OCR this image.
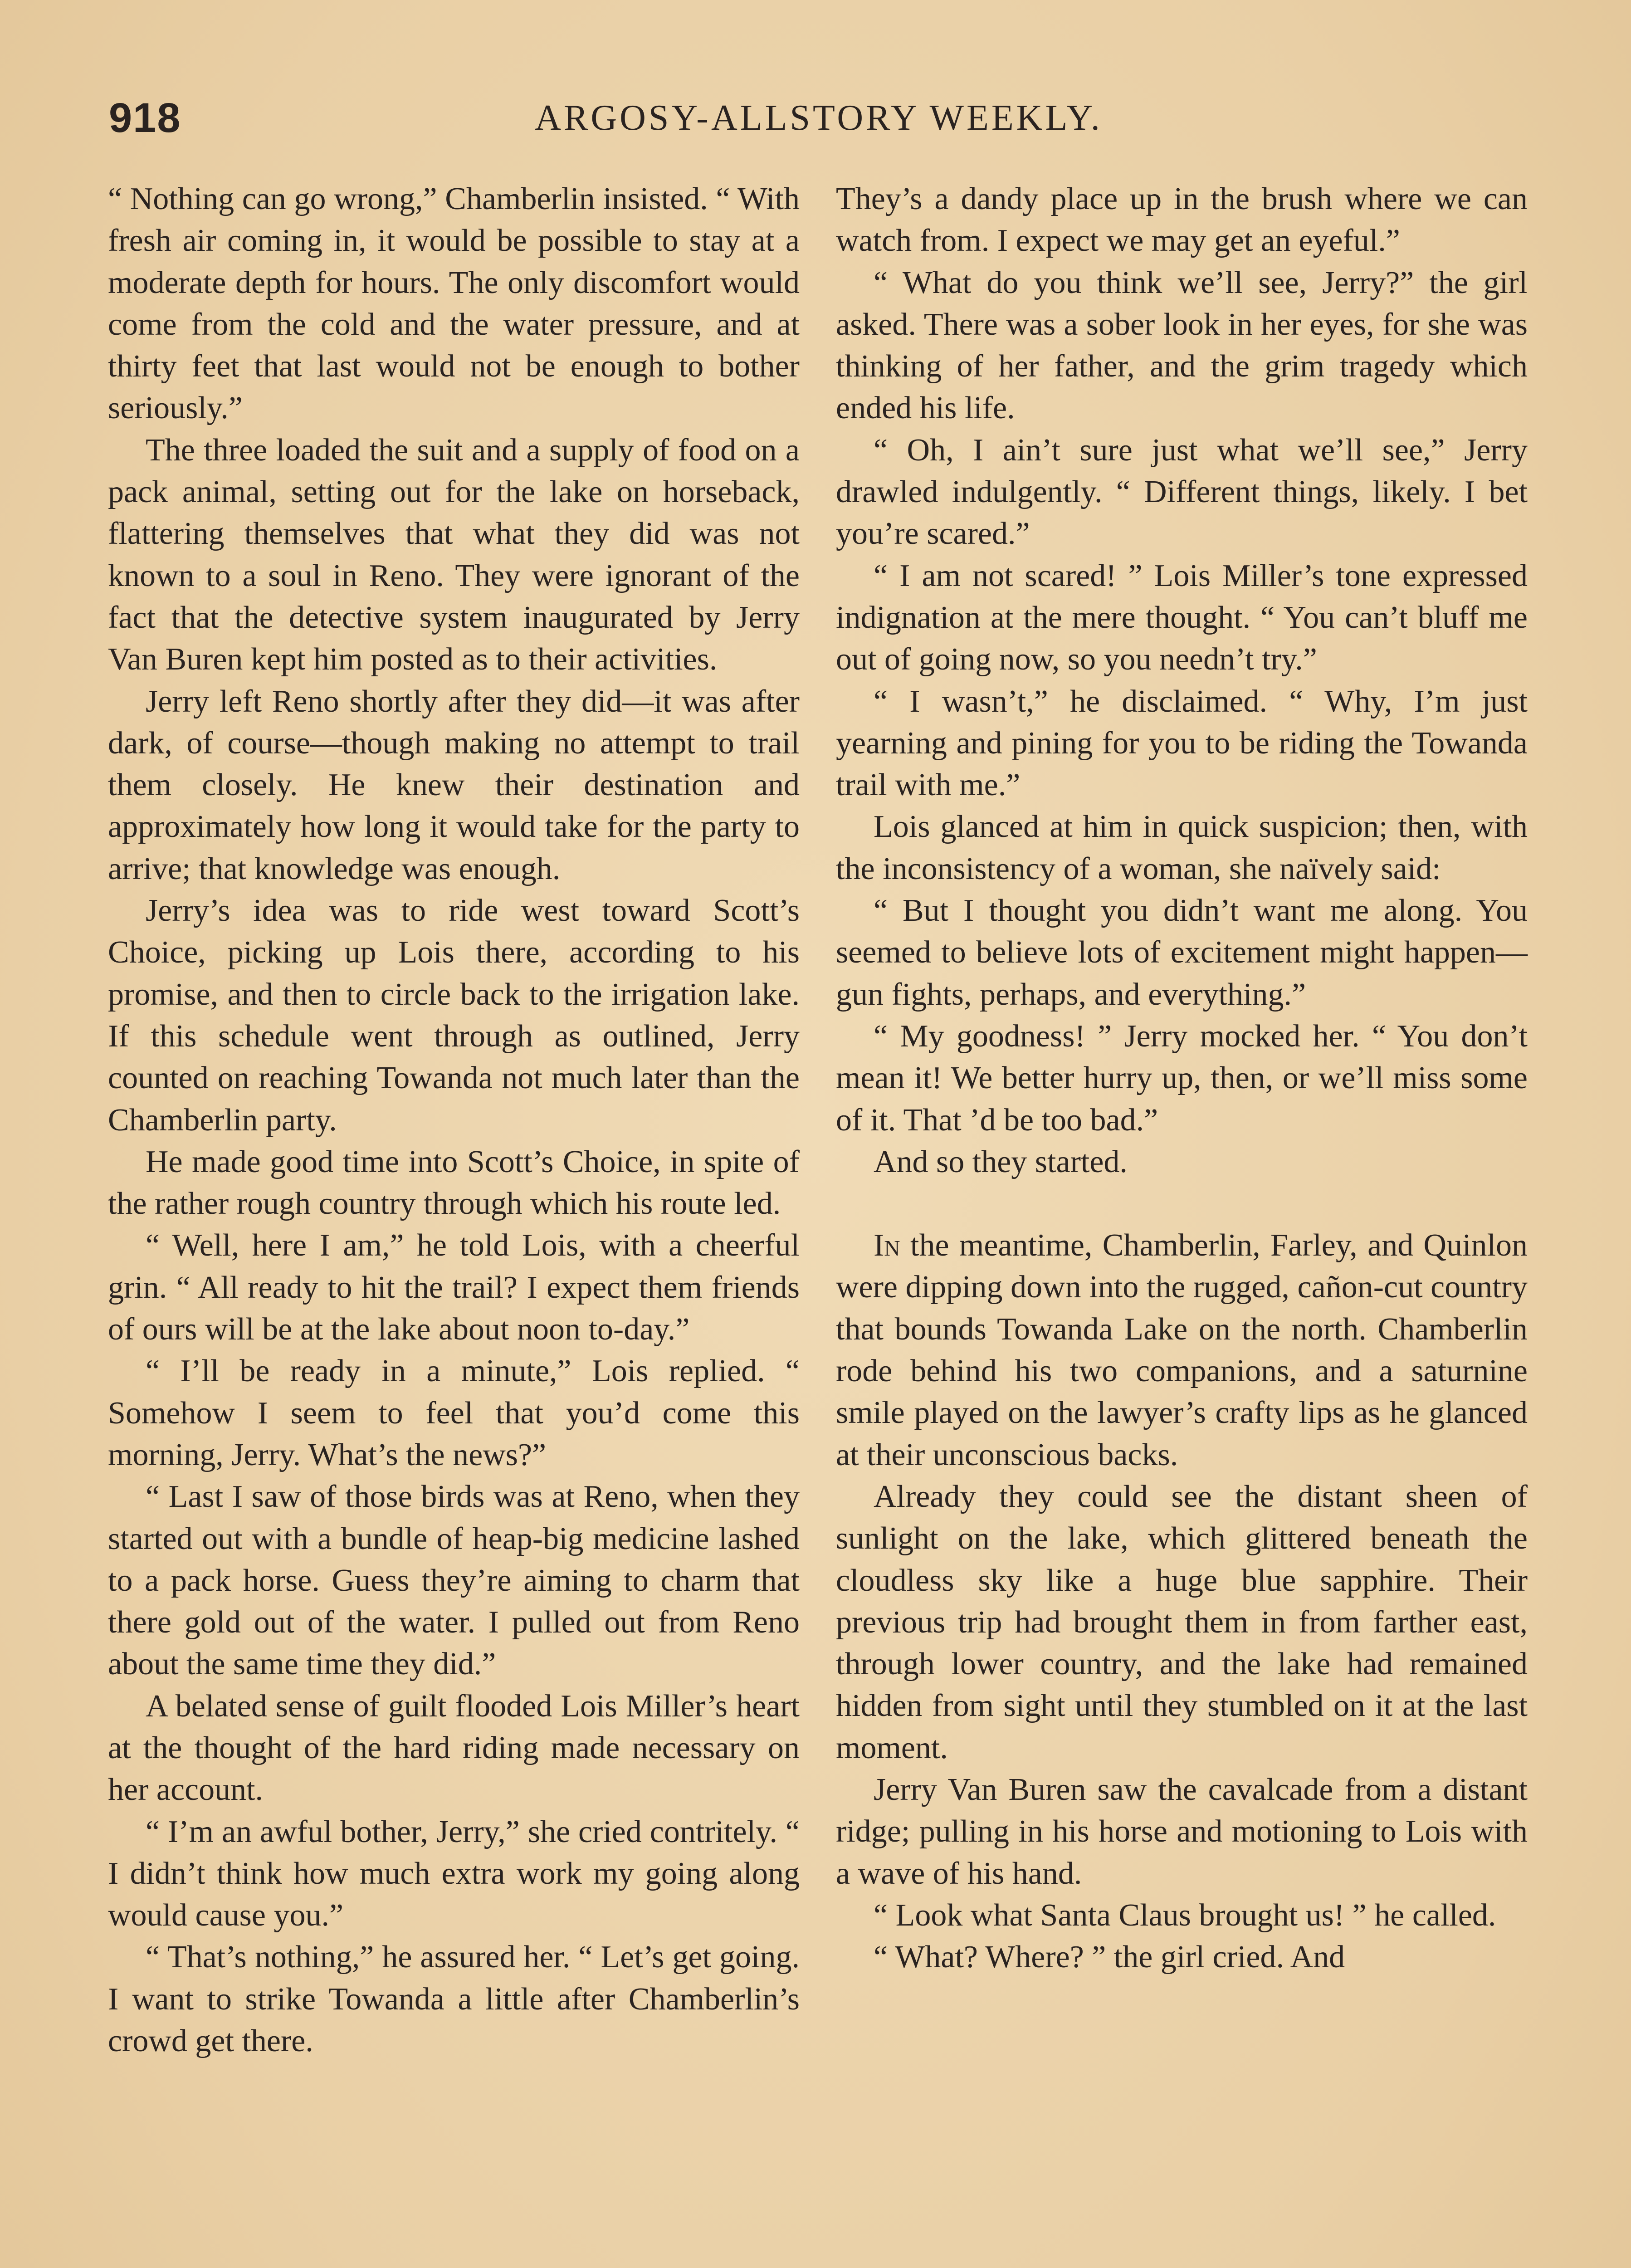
918	ARGOSY-ALLSTORY WEEKLY.

“ Nothing can go wrong,” Chamberlin insisted. “ With fresh air coming in, it would be possible to stay at a moderate depth for hours. The only discomfort would come from the cold and the water pressure, and at thirty feet that last would not be enough to bother seriously.”

The three loaded the suit and a supply of food on a pack animal, setting out for the lake on horseback, flattering themselves that what they did was not known to a soul in Reno. They were ignorant of the fact that the detective system inaugurated by Jerry Van Buren kept him posted as to their activities.

Jerry left Reno shortly after they did—it was after dark, of course—though making no attempt to trail them closely. He knew their destination and approximately how long it would take for the party to arrive; that knowledge was enough.

Jerry’s idea was to ride west toward Scott’s Choice, picking up Lois there, according to his promise, and then to circle back to the irrigation lake. If this schedule went through as outlined, Jerry counted on reaching Towanda not much later than the Chamberlin party.

He made good time into Scott’s Choice, in spite of the rather rough country through which his route led.

“ Well, here I am,” he told Lois, with a cheerful grin. “ All ready to hit the trail? I expect them friends of ours will be at the lake about noon to-day.”

“ I’ll be ready in a minute,” Lois replied. “ Somehow I seem to feel that you’d come this morning, Jerry. What’s the news?”

“ Last I saw of those birds was at Reno, when they started out with a bundle of heap-big medicine lashed to a pack horse. Guess they’re aiming to charm that there gold out of the water. I pulled out from Reno about the same time they did.”

A belated sense of guilt flooded Lois Miller’s heart at the thought of the hard riding made necessary on her account.

“ I’m an awful bother, Jerry,” she cried contritely. “ I didn’t think how much extra work my going along would cause you.”

“ That’s nothing,” he assured her. “ Let’s get going. I want to strike Towanda a little after Chamberlin’s crowd get there.

They’s a dandy place up in the brush where we can watch from. I expect we may get an eyeful.”

“ What do you think we’ll see, Jerry?” the girl asked. There was a sober look in her eyes, for she was thinking of her father, and the grim tragedy which ended his life.

“ Oh, I ain’t sure just what we’ll see,” Jerry drawled indulgently. “ Different things, likely. I bet you’re scared.”

“ I am not scared! ” Lois Miller’s tone expressed indignation at the mere thought. “ You can’t bluff me out of going now, so you needn’t try.”

“ I wasn’t,” he disclaimed. “ Why, I’m just yearning and pining for you to be riding the Towanda trail with me.”

Lois glanced at him in quick suspicion; then, with the inconsistency of a woman, she naïvely said:

“ But I thought you didn’t want me along. You seemed to believe lots of excitement might happen—gun fights, perhaps, and everything.”

“ My goodness! ” Jerry mocked her. “ You don’t mean it! We better hurry up, then, or we’ll miss some of it. That ’d be too bad.”

And so they started.

In the meantime, Chamberlin, Farley, and Quinlon were dipping down into the rugged, cañon-cut country that bounds Towanda Lake on the north. Chamberlin rode behind his two companions, and a saturnine smile played on the lawyer’s crafty lips as he glanced at their unconscious backs.

Already they could see the distant sheen of sunlight on the lake, which glittered beneath the cloudless sky like a huge blue sapphire. Their previous trip had brought them in from farther east, through lower country, and the lake had remained hidden from sight until they stumbled on it at the last moment.

Jerry Van Buren saw the cavalcade from a distant ridge; pulling in his horse and motioning to Lois with a wave of his hand.

“ Look what Santa Claus brought us! ” he called.

“ What? Where? ” the girl cried. And
